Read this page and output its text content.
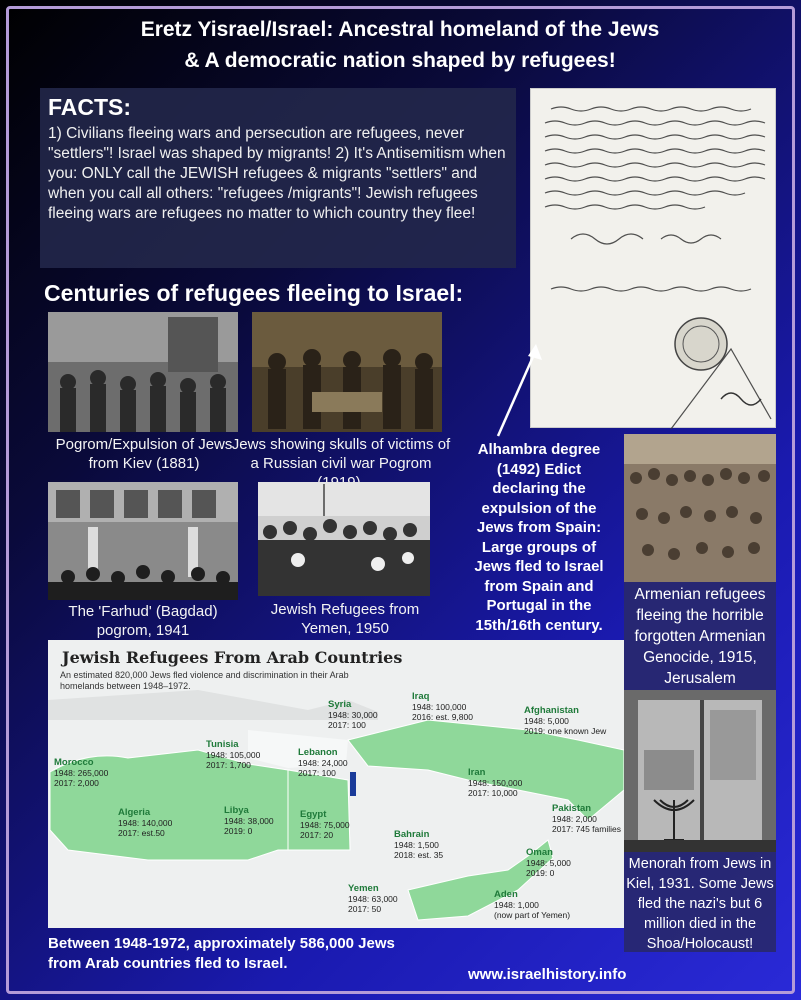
Eretz Yisrael/Israel: Ancestral homeland of the Jews
& A democratic nation shaped by refugees!
FACTS:

1) Civilians fleeing wars and persecution are refugees, never "settlers"! Israel was shaped by migrants! 2) It's Antisemitism when you: ONLY call the JEWISH refugees & migrants "settlers" and when you call all others: "refugees /migrants"! Jewish refugees fleeing wars are refugees no matter to which country they flee!

Centuries of refugees fleeing to Israel:
Pogrom/Expulsion of Jews from Kiev (1881)
Jews showing skulls of victims of a Russian civil war Pogrom
The 'Farhud' (Bagdad) pogrom, 1941
Jewish Refugees from Yemen, 1950
Alhambra degree (1492) Edict declaring the expulsion of the Jews from Spain: Large groups of Jews fled to Israel from Spain and Portugal in the 15th/16th century.
Armenian refugees fleeing the horrible forgotten Armenian Genocide, 1915, Jerusalem
Menorah from Jews in Kiel, 1931. Some Jews fled the nazi's but 6 million died in the Shoa/Holocaust!
Jewish Refugees From Arab Countries
An estimated 820,000 Jews fled violence and discrimination in their Arab homelands between 1948–1972.
Morocco
1948: 265,000
2017: 2,000
Algeria
1948: 140,000
2017: est.50
Tunisia
1948: 105,000
2017: 1,700
Libya
1948: 38,000
2019: 0
Lebanon
1948: 24,000
2017: 100
Egypt
1948: 75,000
2017: 20
Syria
1948: 30,000
2017: 100
Iraq
1948: 100,000
2016: est. 9,800
Afghanistan
1948: 5,000
2019: one known Jew
Iran
1948: 150,000
2017: 10,000
Pakistan
1948: 2,000
2017: 745 families
Bahrain
1948: 1,500
2018: est. 35	Oman
1948: 5,000
2019: 0
Yemen
1948: 63,000
2017: 50
Aden
1948: 1,000
(now part of Yemen)
Between 1948-1972, approximately 586,000 Jews from Arab countries fled to Israel.
www.israelhistory.info
